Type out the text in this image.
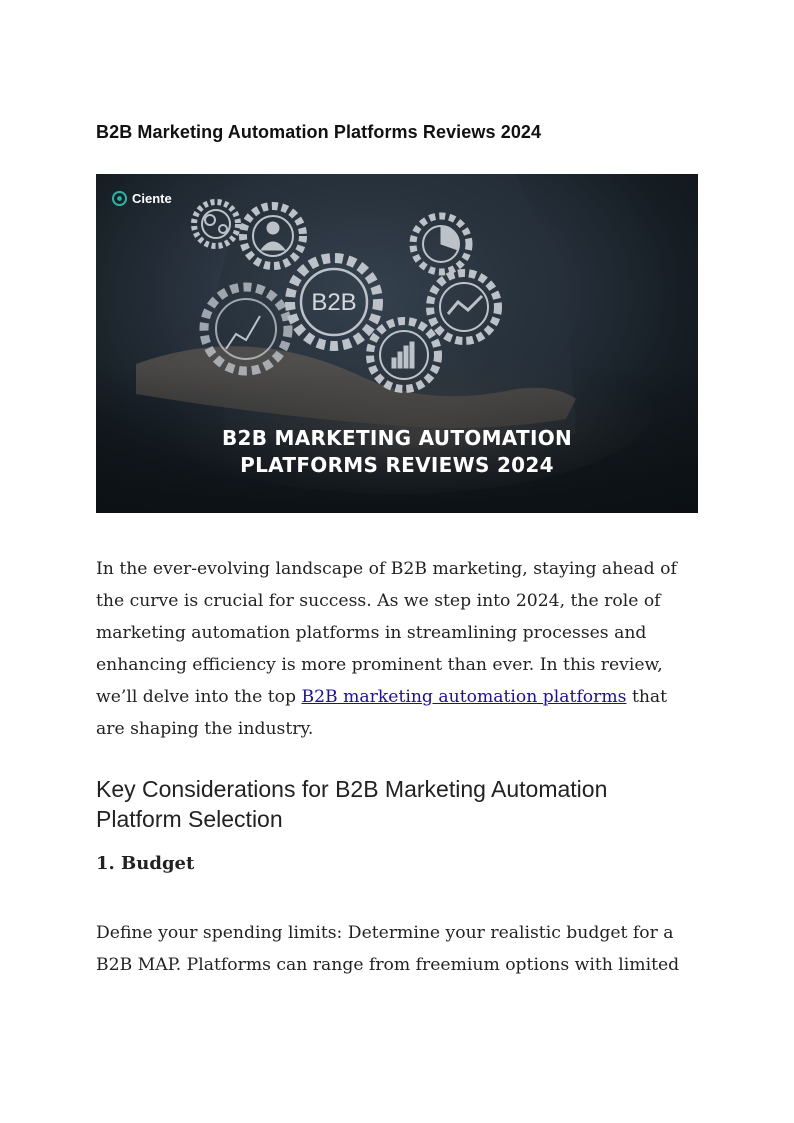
B2B Marketing Automation Platforms Reviews 2024
B2B
Ciente
B2B MARKETING AUTOMATION
PLATFORMS REVIEWS 2024

In the ever-evolving landscape of B2B marketing, staying ahead of the curve is crucial for success. As we step into 2024, the role of marketing automation platforms in streamlining processes and enhancing efficiency is more prominent than ever. In this review, we’ll delve into the top B2B marketing automation platforms that are shaping the industry.

Key Considerations for B2B Marketing Automation Platform Selection
1. Budget

Define your spending limits: Determine your realistic budget for a B2B MAP. Platforms can range from freemium options with limited
